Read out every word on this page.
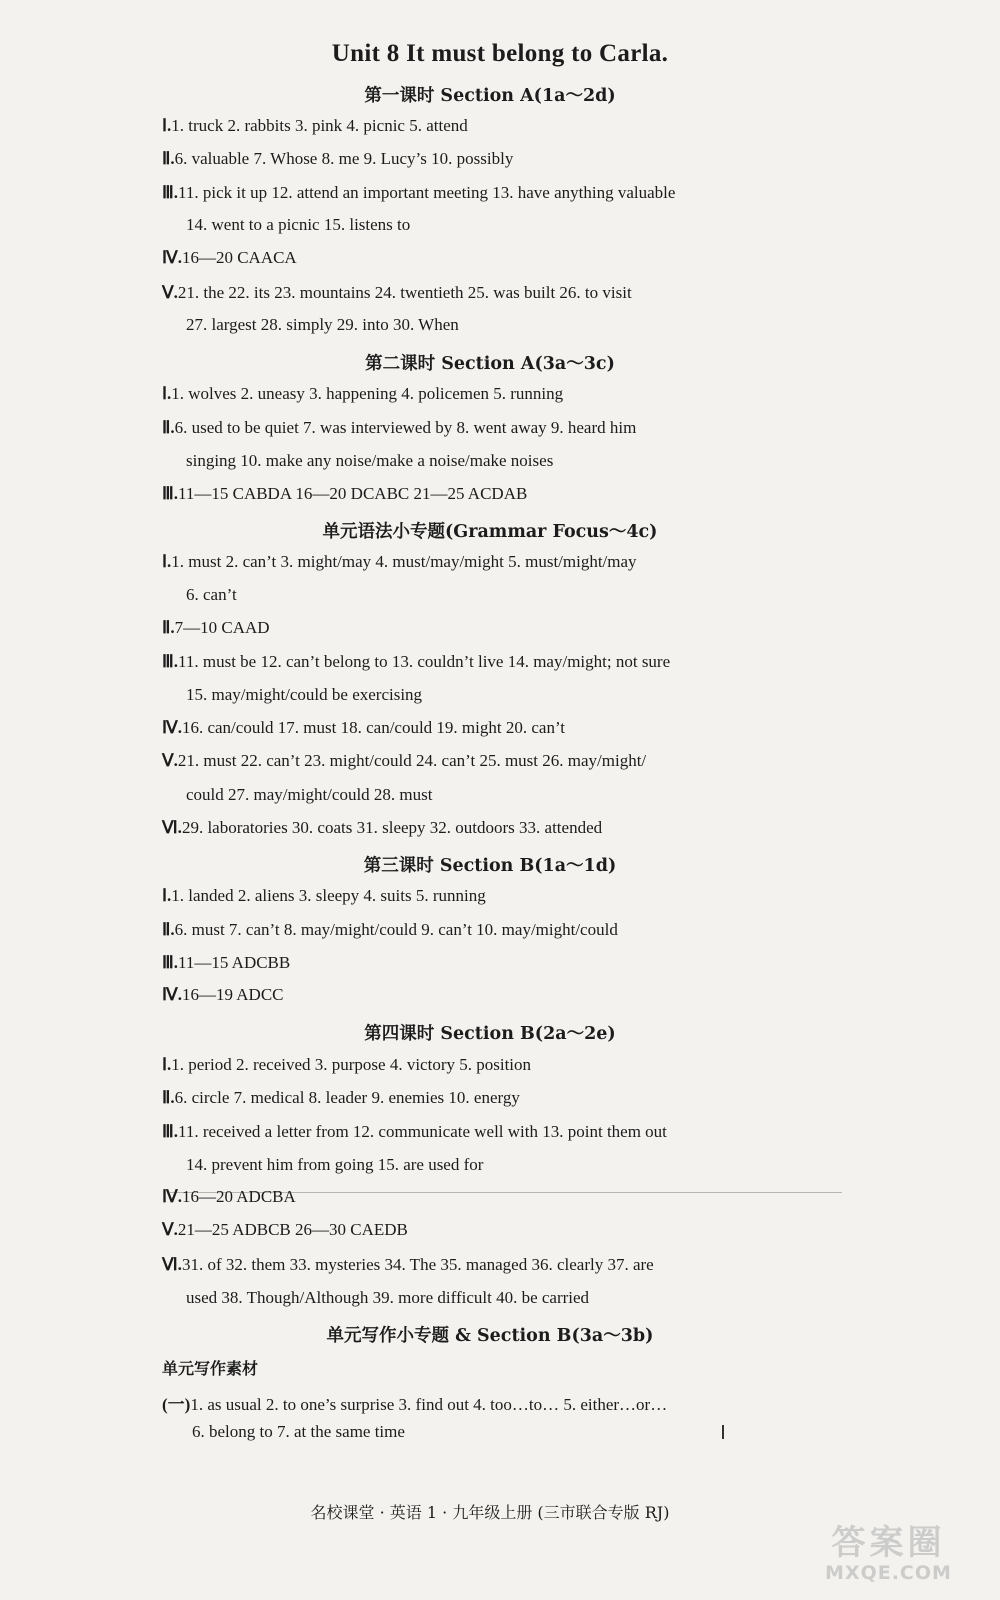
Unit 8 It must belong to Carla.
第一课时 Section A(1a～2d)
Ⅰ.1. truck 2. rabbits 3. pink 4. picnic 5. attend
Ⅱ.6. valuable 7. Whose 8. me 9. Lucy’s 10. possibly
Ⅲ.11. pick it up 12. attend an important meeting 13. have anything valuable
14. went to a picnic 15. listens to
Ⅳ.16—20 CAACA
Ⅴ.21. the 22. its 23. mountains 24. twentieth 25. was built 26. to visit
27. largest 28. simply 29. into 30. When
第二课时 Section A(3a～3c)
Ⅰ.1. wolves 2. uneasy 3. happening 4. policemen 5. running
Ⅱ.6. used to be quiet 7. was interviewed by 8. went away 9. heard him
singing 10. make any noise/make a noise/make noises
Ⅲ.11—15 CABDA 16—20 DCABC 21—25 ACDAB
单元语法小专题(Grammar Focus～4c)
Ⅰ.1. must 2. can’t 3. might/may 4. must/may/might 5. must/might/may
6. can’t
Ⅱ.7—10 CAAD
Ⅲ.11. must be 12. can’t belong to 13. couldn’t live 14. may/might; not sure
15. may/might/could be exercising
Ⅳ.16. can/could 17. must 18. can/could 19. might 20. can’t
Ⅴ.21. must 22. can’t 23. might/could 24. can’t 25. must 26. may/might/
could 27. may/might/could 28. must
Ⅵ.29. laboratories 30. coats 31. sleepy 32. outdoors 33. attended
第三课时 Section B(1a～1d)
Ⅰ.1. landed 2. aliens 3. sleepy 4. suits 5. running
Ⅱ.6. must 7. can’t 8. may/might/could 9. can’t 10. may/might/could
Ⅲ.11—15 ADCBB
Ⅳ.16—19 ADCC
第四课时 Section B(2a～2e)
Ⅰ.1. period 2. received 3. purpose 4. victory 5. position
Ⅱ.6. circle 7. medical 8. leader 9. enemies 10. energy
Ⅲ.11. received a letter from 12. communicate well with 13. point them out
14. prevent him from going 15. are used for
Ⅳ.16—20 ADCBA
Ⅴ.21—25 ADBCB 26—30 CAEDB
Ⅵ.31. of 32. them 33. mysteries 34. The 35. managed 36. clearly 37. are
used 38. Though/Although 39. more difficult 40. be carried
单元写作小专题 & Section B(3a～3b)
单元写作素材
(一)1. as usual 2. to one’s surprise 3. find out 4. too…to… 5. either…or…
6. belong to 7. at the same time
名校课堂 · 英语 1 · 九年级上册 (三市联合专版 RJ)
答案圈
MXQE.COM
